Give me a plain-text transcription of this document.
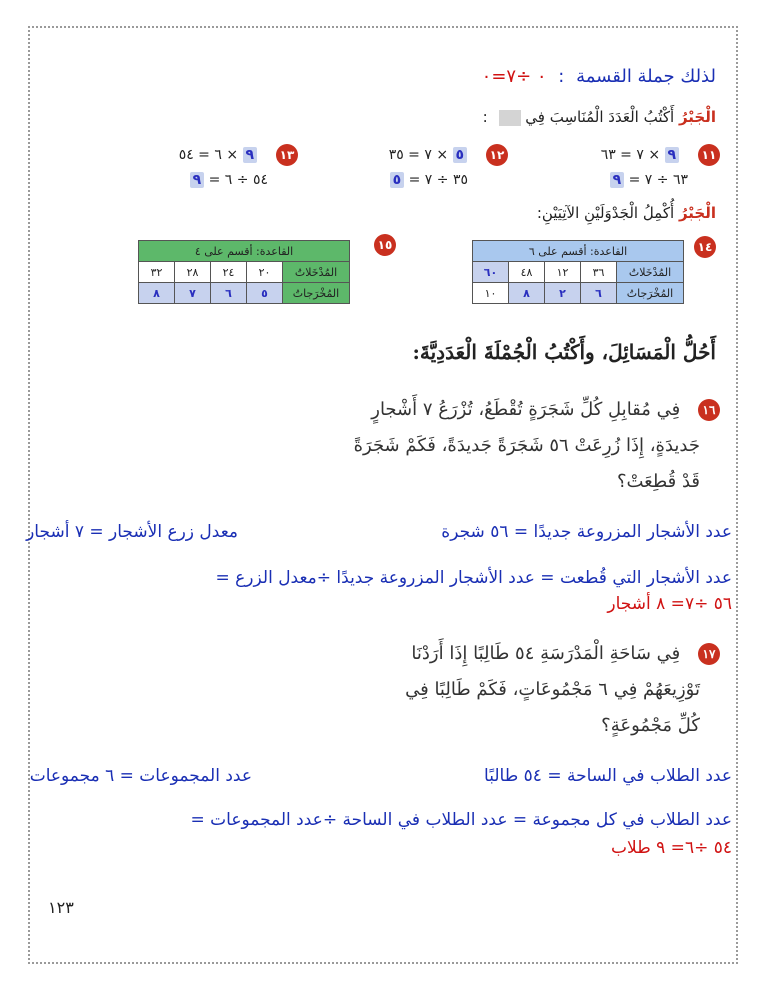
لذلك جملة القسمة : ٠ ÷٧=٠
الْجَبْرُ أَكْتُبُ الْعَدَدَ الْمُنَاسِبَ فِي  :
١١  ٩ × ٧ = ٦٣
٦٣ ÷ ٧ = ٩
١٢  ٥ × ٧ = ٣٥
٣٥ ÷ ٧ = ٥
١٣  ٩ × ٦ = ٥٤
٥٤ ÷ ٦ = ٩
الْجَبْرُ أُكْمِلُ الْجَدْوَلَيْنِ الآتِيَيْنِ:
١٤
القاعدة: أقسم على ٦				
المُدْخَلاتُ	٣٦	١٢	٤٨	٦٠
المُخْرَجاتُ	٦	٢	٨	١٠
١٥
القاعدة: أقسم على ٤				
المُدْخَلاتُ	٢٠	٢٤	٢٨	٣٢
المُخْرَجاتُ	٥	٦	٧	٨
أَحُلُّ الْمَسَائِلَ، وأَكْتُبُ الْجُمْلَةَ الْعَدَدِيَّةَ:
١٦ فِي مُقابِلِ كُلِّ شَجَرَةٍ تُقْطَعُ، تُزْرَعُ ٧ أَشْجارٍ
جَديدَةٍ، إِذَا زُرِعَتْ ٥٦ شَجَرَةً جَديدَةً، فَكَمْ شَجَرَةً
قَدْ قُطِعَتْ؟
عدد الأشجار المزروعة جديدًا = ٥٦ شجرة
معدل زرع الأشجار = ٧ أشجار
عدد الأشجار التي قُطعت = عدد الأشجار المزروعة جديدًا ÷معدل الزرع =
٥٦ ÷٧= ٨ أشجار
١٧ فِي سَاحَةِ الْمَدْرَسَةِ ٥٤ طَالِبًا إِذَا أَرَدْنَا
تَوْزِيعَهُمْ فِي ٦ مَجْمُوعَاتٍ، فَكَمْ طَالِبًا فِي
كُلِّ مَجْمُوعَةٍ؟
عدد الطلاب في الساحة = ٥٤ طالبًا
عدد المجموعات = ٦ مجموعات
عدد الطلاب في كل مجموعة = عدد الطلاب في الساحة ÷عدد المجموعات =
٥٤ ÷٦= ٩ طلاب
١٢٣
